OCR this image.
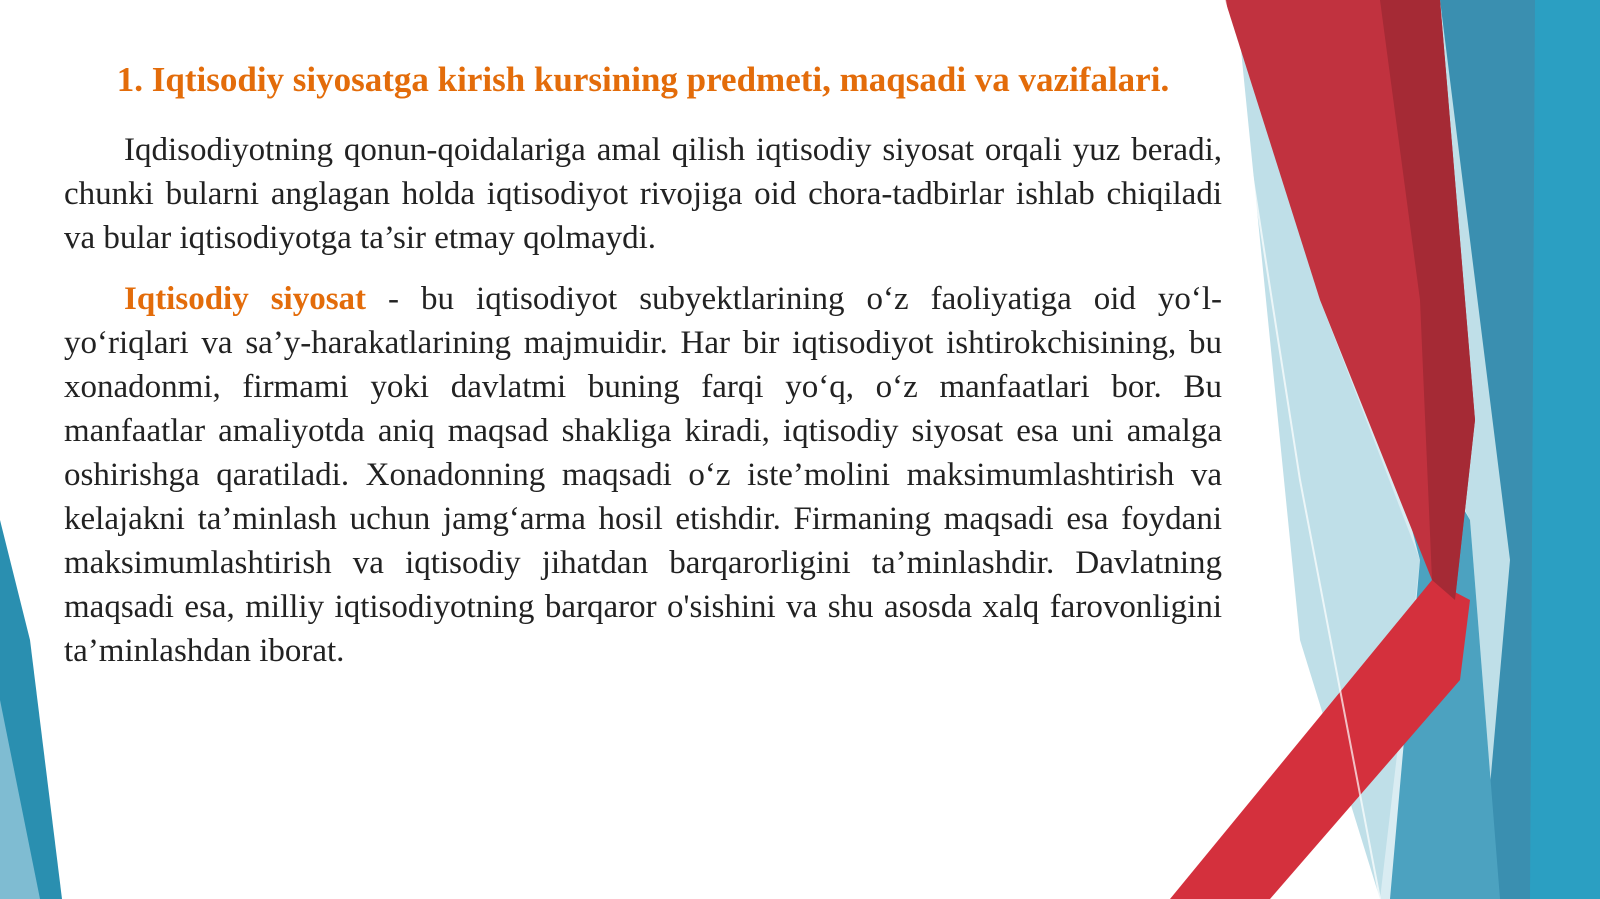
1. Iqtisodiy siyosatga kirish kursining predmeti, maqsadi va vazifalari.

Iqdisodiyotning qonun-qoidalariga amal qilish iqtisodiy siyosat orqali yuz beradi, chunki bularni anglagan holda iqtisodiyot rivojiga oid chora-tadbirlar ishlab chiqiladi va bular iqtisodiyotga ta’sir etmay qolmaydi.

Iqtisodiy siyosat - bu iqtisodiyot subyektlarining o‘z faoliyatiga oid yo‘l-yo‘riqlari va sa’y-harakatlarining majmuidir. Har bir iqtisodiyot ishtirokchisining, bu xonadonmi, firmami yoki davlatmi buning farqi yo‘q, o‘z manfaatlari bor. Bu manfaatlar amaliyotda aniq maqsad shakliga kiradi, iqtisodiy siyosat esa uni amalga oshirishga qaratiladi. Xonadonning maqsadi o‘z iste’molini maksimumlashtirish va kelajakni ta’minlash uchun jamg‘arma hosil etishdir. Firmaning maqsadi esa foydani maksimumlashtirish va iqtisodiy jihatdan barqarorligini ta’minlashdir. Davlatning maqsadi esa, milliy iqtisodiyotning barqaror o'sishini va shu asosda xalq farovonligini ta’minlashdan iborat.
